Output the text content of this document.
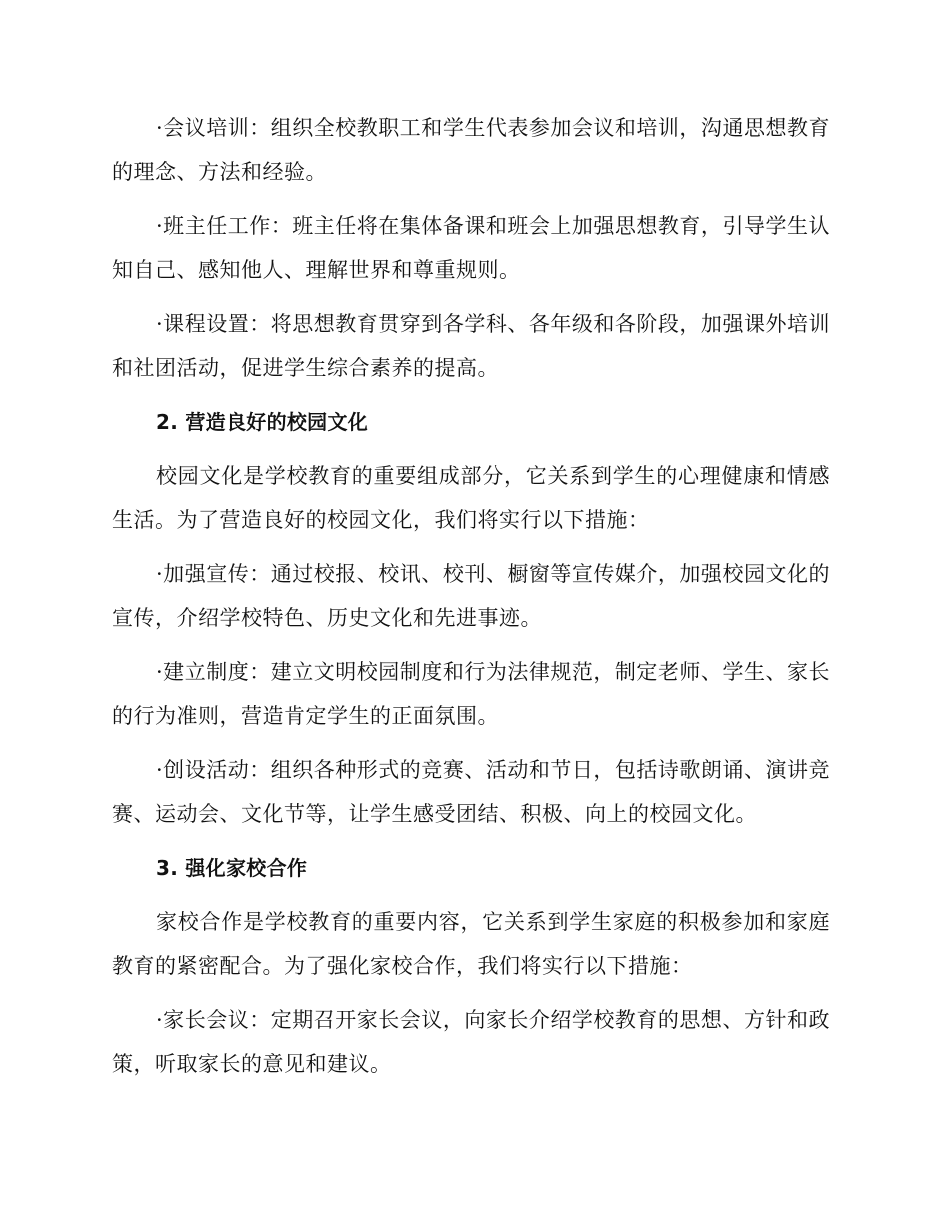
·会议培训：组织全校教职工和学生代表参加会议和培训，沟通思想教育的理念、方法和经验。

·班主任工作：班主任将在集体备课和班会上加强思想教育，引导学生认知自己、感知他人、理解世界和尊重规则。

·课程设置：将思想教育贯穿到各学科、各年级和各阶段，加强课外培训和社团活动，促进学生综合素养的提高。

2. 营造良好的校园文化

校园文化是学校教育的重要组成部分，它关系到学生的心理健康和情感生活。为了营造良好的校园文化，我们将实行以下措施：

·加强宣传：通过校报、校讯、校刊、橱窗等宣传媒介，加强校园文化的宣传，介绍学校特色、历史文化和先进事迹。

·建立制度：建立文明校园制度和行为法律规范，制定老师、学生、家长的行为准则，营造肯定学生的正面氛围。

·创设活动：组织各种形式的竞赛、活动和节日，包括诗歌朗诵、演讲竞赛、运动会、文化节等，让学生感受团结、积极、向上的校园文化。

3. 强化家校合作

家校合作是学校教育的重要内容，它关系到学生家庭的积极参加和家庭教育的紧密配合。为了强化家校合作，我们将实行以下措施：

·家长会议：定期召开家长会议，向家长介绍学校教育的思想、方针和政策，听取家长的意见和建议。
